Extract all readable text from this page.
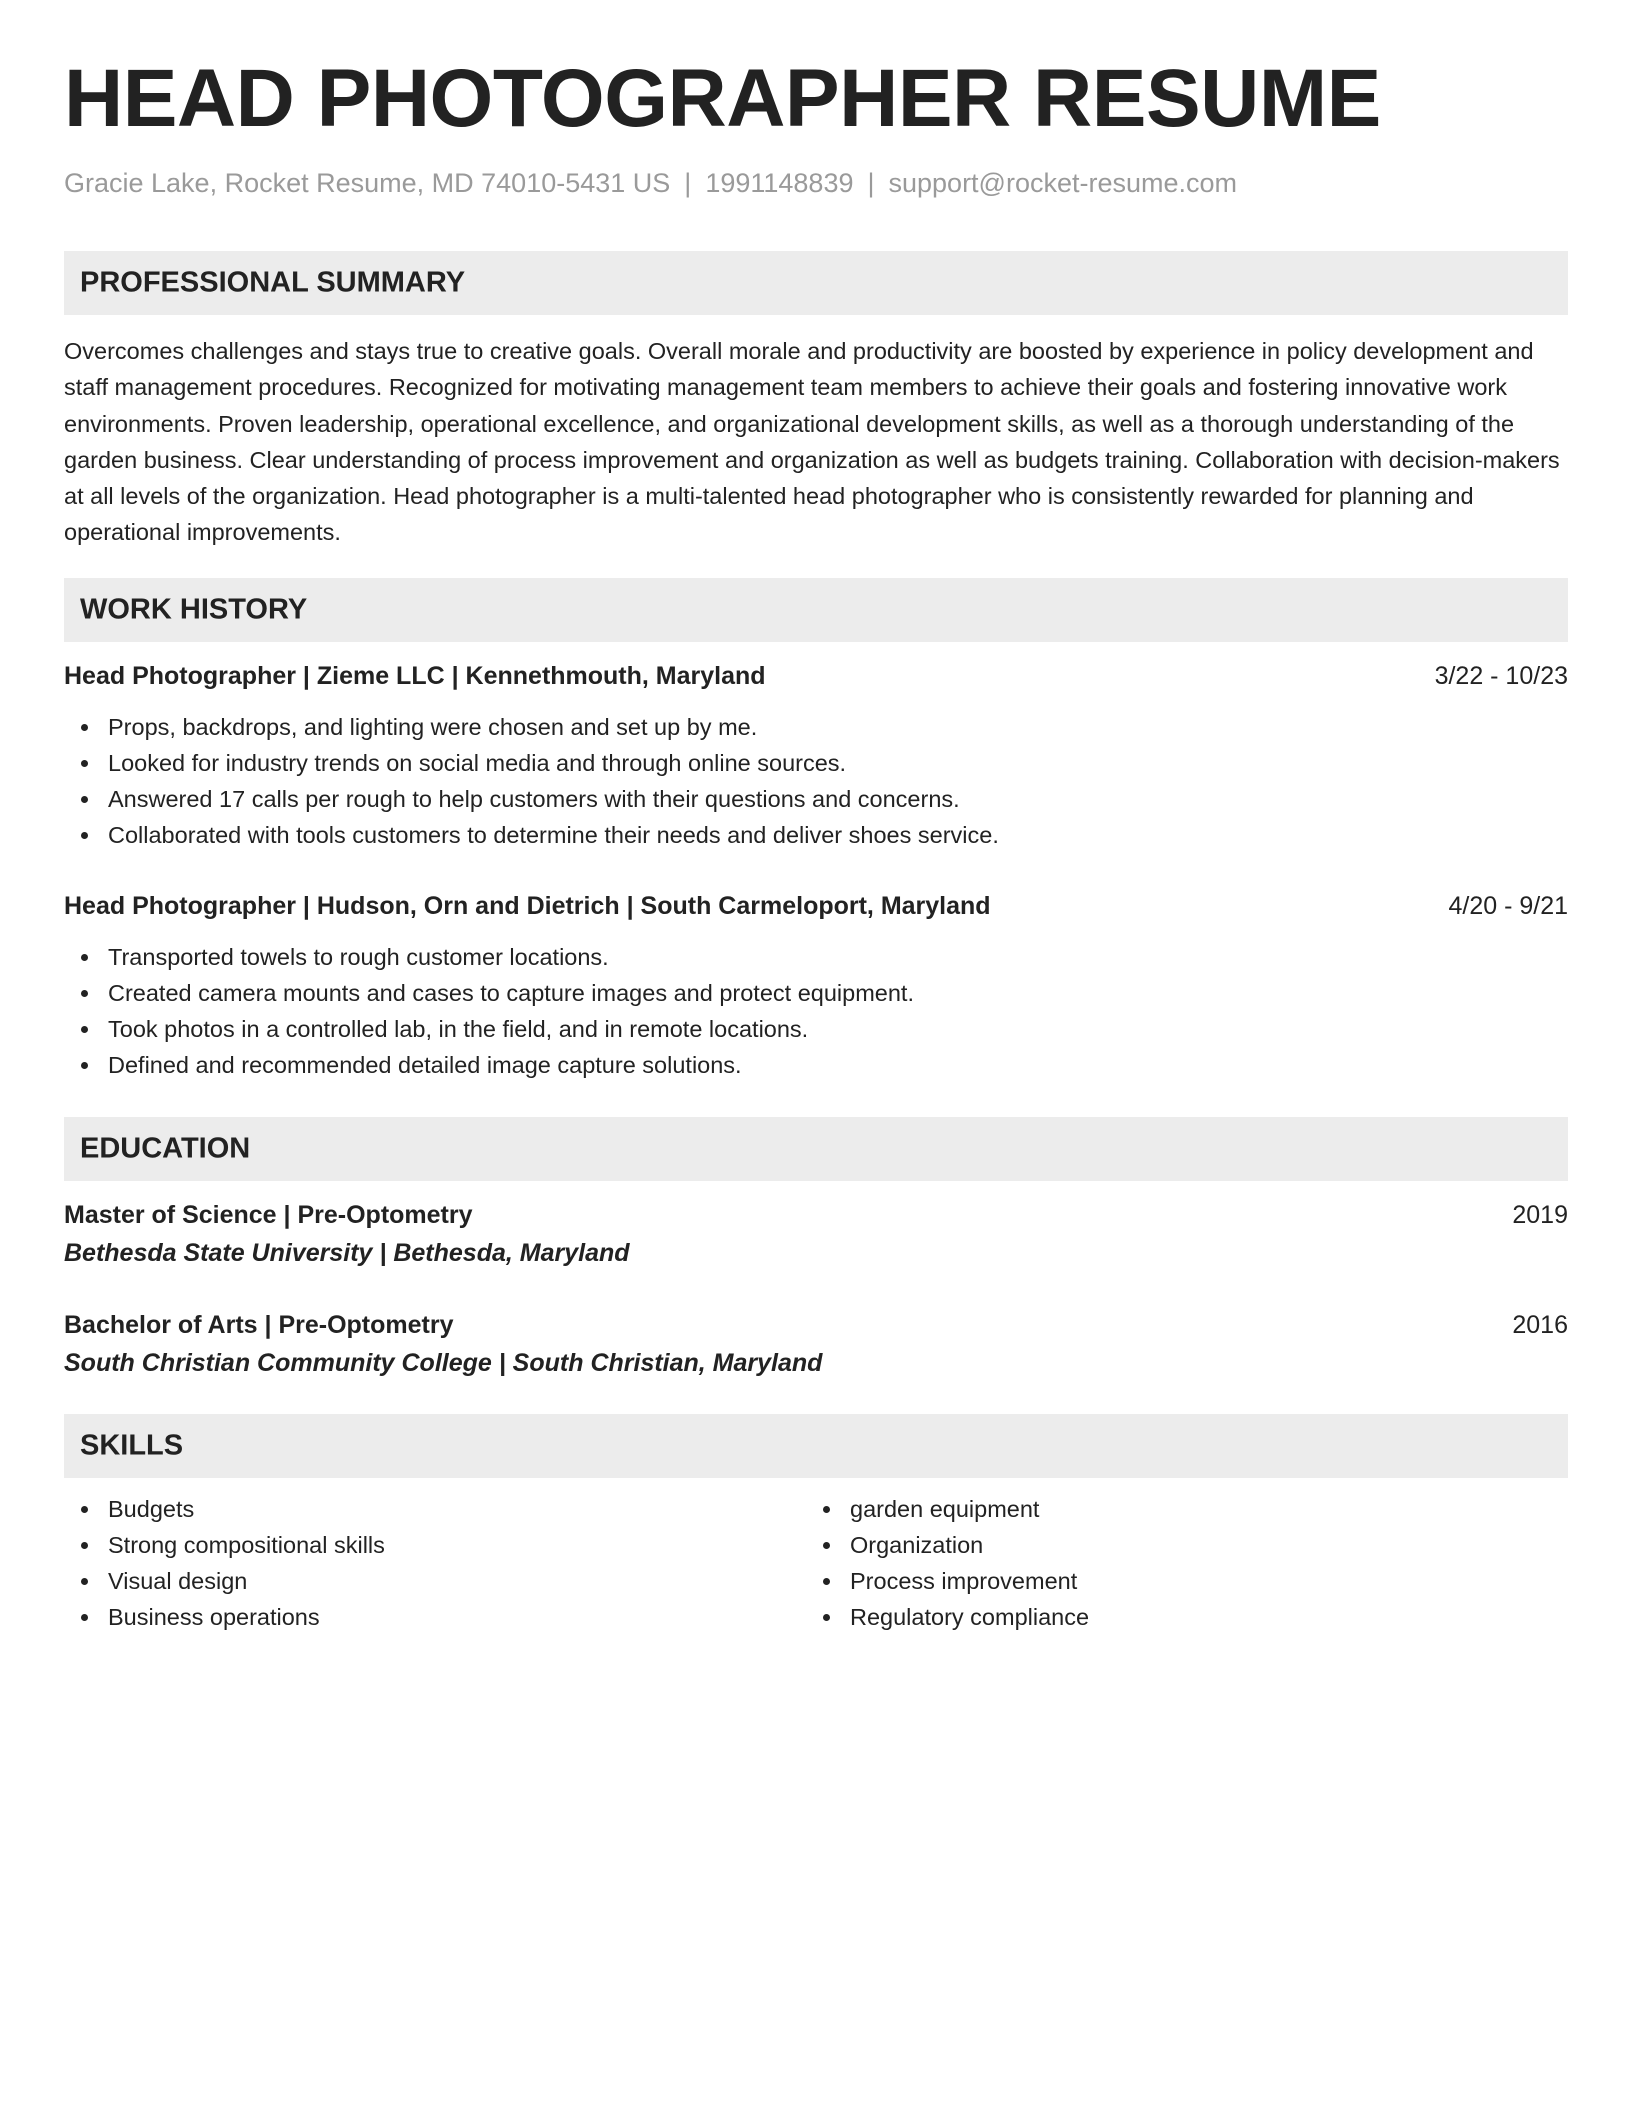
HEAD PHOTOGRAPHER RESUME
Gracie Lake, Rocket Resume, MD 74010-5431 US | 1991148839 | support@rocket-resume.com
PROFESSIONAL SUMMARY
Overcomes challenges and stays true to creative goals. Overall morale and productivity are boosted by experience in policy development and staff management procedures. Recognized for motivating management team members to achieve their goals and fostering innovative work environments. Proven leadership, operational excellence, and organizational development skills, as well as a thorough understanding of the garden business. Clear understanding of process improvement and organization as well as budgets training. Collaboration with decision-makers at all levels of the organization. Head photographer is a multi-talented head photographer who is consistently rewarded for planning and operational improvements.
WORK HISTORY
Head Photographer | Zieme LLC | Kennethmouth, Maryland	3/22 - 10/23
Props, backdrops, and lighting were chosen and set up by me.
Looked for industry trends on social media and through online sources.
Answered 17 calls per rough to help customers with their questions and concerns.
Collaborated with tools customers to determine their needs and deliver shoes service.
Head Photographer | Hudson, Orn and Dietrich | South Carmeloport, Maryland	4/20 - 9/21
Transported towels to rough customer locations.
Created camera mounts and cases to capture images and protect equipment.
Took photos in a controlled lab, in the field, and in remote locations.
Defined and recommended detailed image capture solutions.
EDUCATION
Master of Science | Pre-Optometry	2019
Bethesda State University | Bethesda, Maryland
Bachelor of Arts | Pre-Optometry	2016
South Christian Community College | South Christian, Maryland
SKILLS
Budgets
Strong compositional skills
Visual design
Business operations
garden equipment
Organization
Process improvement
Regulatory compliance
